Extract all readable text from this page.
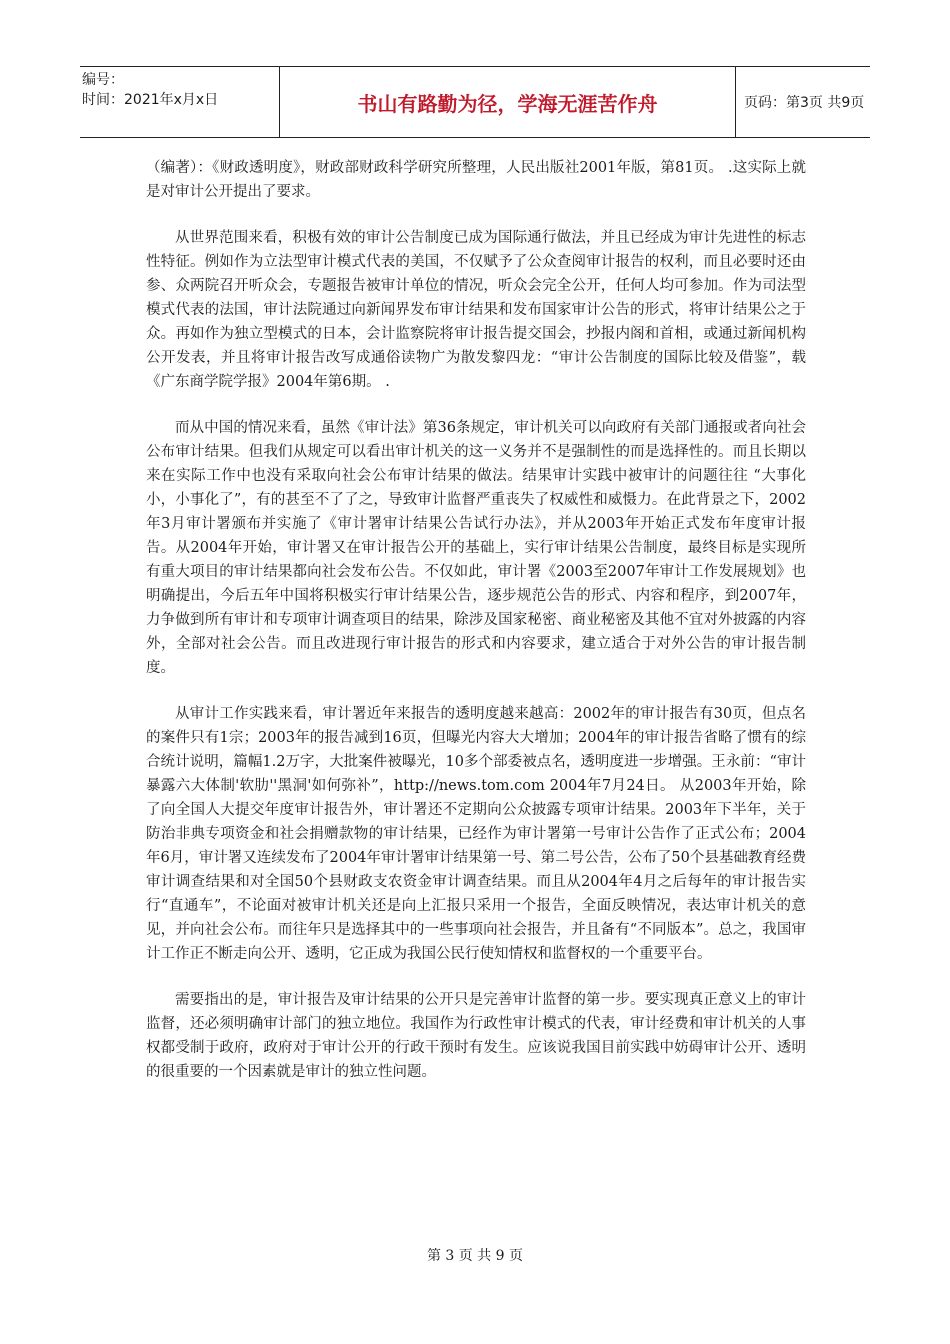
编号：
时间：2021年x月x日	书山有路勤为径，学海无涯苦作舟	页码：第3页 共9页

（编著）：《财政透明度》，财政部财政科学研究所整理，人民出版社2001年版，第81页。 .这实际上就是对审计公开提出了要求。

从世界范围来看，积极有效的审计公告制度已成为国际通行做法，并且已经成为审计先进性的标志性特征。例如作为立法型审计模式代表的美国，不仅赋予了公众查阅审计报告的权利，而且必要时还由参、众两院召开听众会，专题报告被审计单位的情况，听众会完全公开，任何人均可参加。作为司法型模式代表的法国，审计法院通过向新闻界发布审计结果和发布国家审计公告的形式，将审计结果公之于众。再如作为独立型模式的日本，会计监察院将审计报告提交国会，抄报内阁和首相，或通过新闻机构公开发表，并且将审计报告改写成通俗读物广为散发黎四龙：“审计公告制度的国际比较及借鉴”，载《广东商学院学报》2004年第6期。 .

而从中国的情况来看，虽然《审计法》第36条规定，审计机关可以向政府有关部门通报或者向社会公布审计结果。但我们从规定可以看出审计机关的这一义务并不是强制性的而是选择性的。而且长期以来在实际工作中也没有采取向社会公布审计结果的做法。结果审计实践中被审计的问题往往 “大事化小，小事化了”，有的甚至不了了之，导致审计监督严重丧失了权威性和威慑力。在此背景之下，2002年3月审计署颁布并实施了《审计署审计结果公告试行办法》，并从2003年开始正式发布年度审计报告。从2004年开始，审计署又在审计报告公开的基础上，实行审计结果公告制度，最终目标是实现所有重大项目的审计结果都向社会发布公告。不仅如此，审计署《2003至2007年审计工作发展规划》也明确提出，今后五年中国将积极实行审计结果公告，逐步规范公告的形式、内容和程序，到2007年，力争做到所有审计和专项审计调查项目的结果，除涉及国家秘密、商业秘密及其他不宜对外披露的内容外，全部对社会公告。而且改进现行审计报告的形式和内容要求，建立适合于对外公告的审计报告制度。

从审计工作实践来看，审计署近年来报告的透明度越来越高：2002年的审计报告有30页，但点名的案件只有1宗；2003年的报告减到16页，但曝光内容大大增加；2004年的审计报告省略了惯有的综合统计说明，篇幅1.2万字，大批案件被曝光，10多个部委被点名，透明度进一步增强。王永前：“审计暴露六大体制'软肋''黑洞'如何弥补”，http://news.tom.com 2004年7月24日。 从2003年开始，除了向全国人大提交年度审计报告外，审计署还不定期向公众披露专项审计结果。2003年下半年，关于防治非典专项资金和社会捐赠款物的审计结果，已经作为审计署第一号审计公告作了正式公布；2004年6月，审计署又连续发布了2004年审计署审计结果第一号、第二号公告，公布了50个县基础教育经费审计调查结果和对全国50个县财政支农资金审计调查结果。而且从2004年4月之后每年的审计报告实行“直通车”，不论面对被审计机关还是向上汇报只采用一个报告，全面反映情况，表达审计机关的意见，并向社会公布。而往年只是选择其中的一些事项向社会报告，并且备有“不同版本”。总之，我国审计工作正不断走向公开、透明，它正成为我国公民行使知情权和监督权的一个重要平台。

需要指出的是，审计报告及审计结果的公开只是完善审计监督的第一步。要实现真正意义上的审计监督，还必须明确审计部门的独立地位。我国作为行政性审计模式的代表，审计经费和审计机关的人事权都受制于政府，政府对于审计公开的行政干预时有发生。应该说我国目前实践中妨碍审计公开、透明的很重要的一个因素就是审计的独立性问题。

第 3 页 共 9 页
